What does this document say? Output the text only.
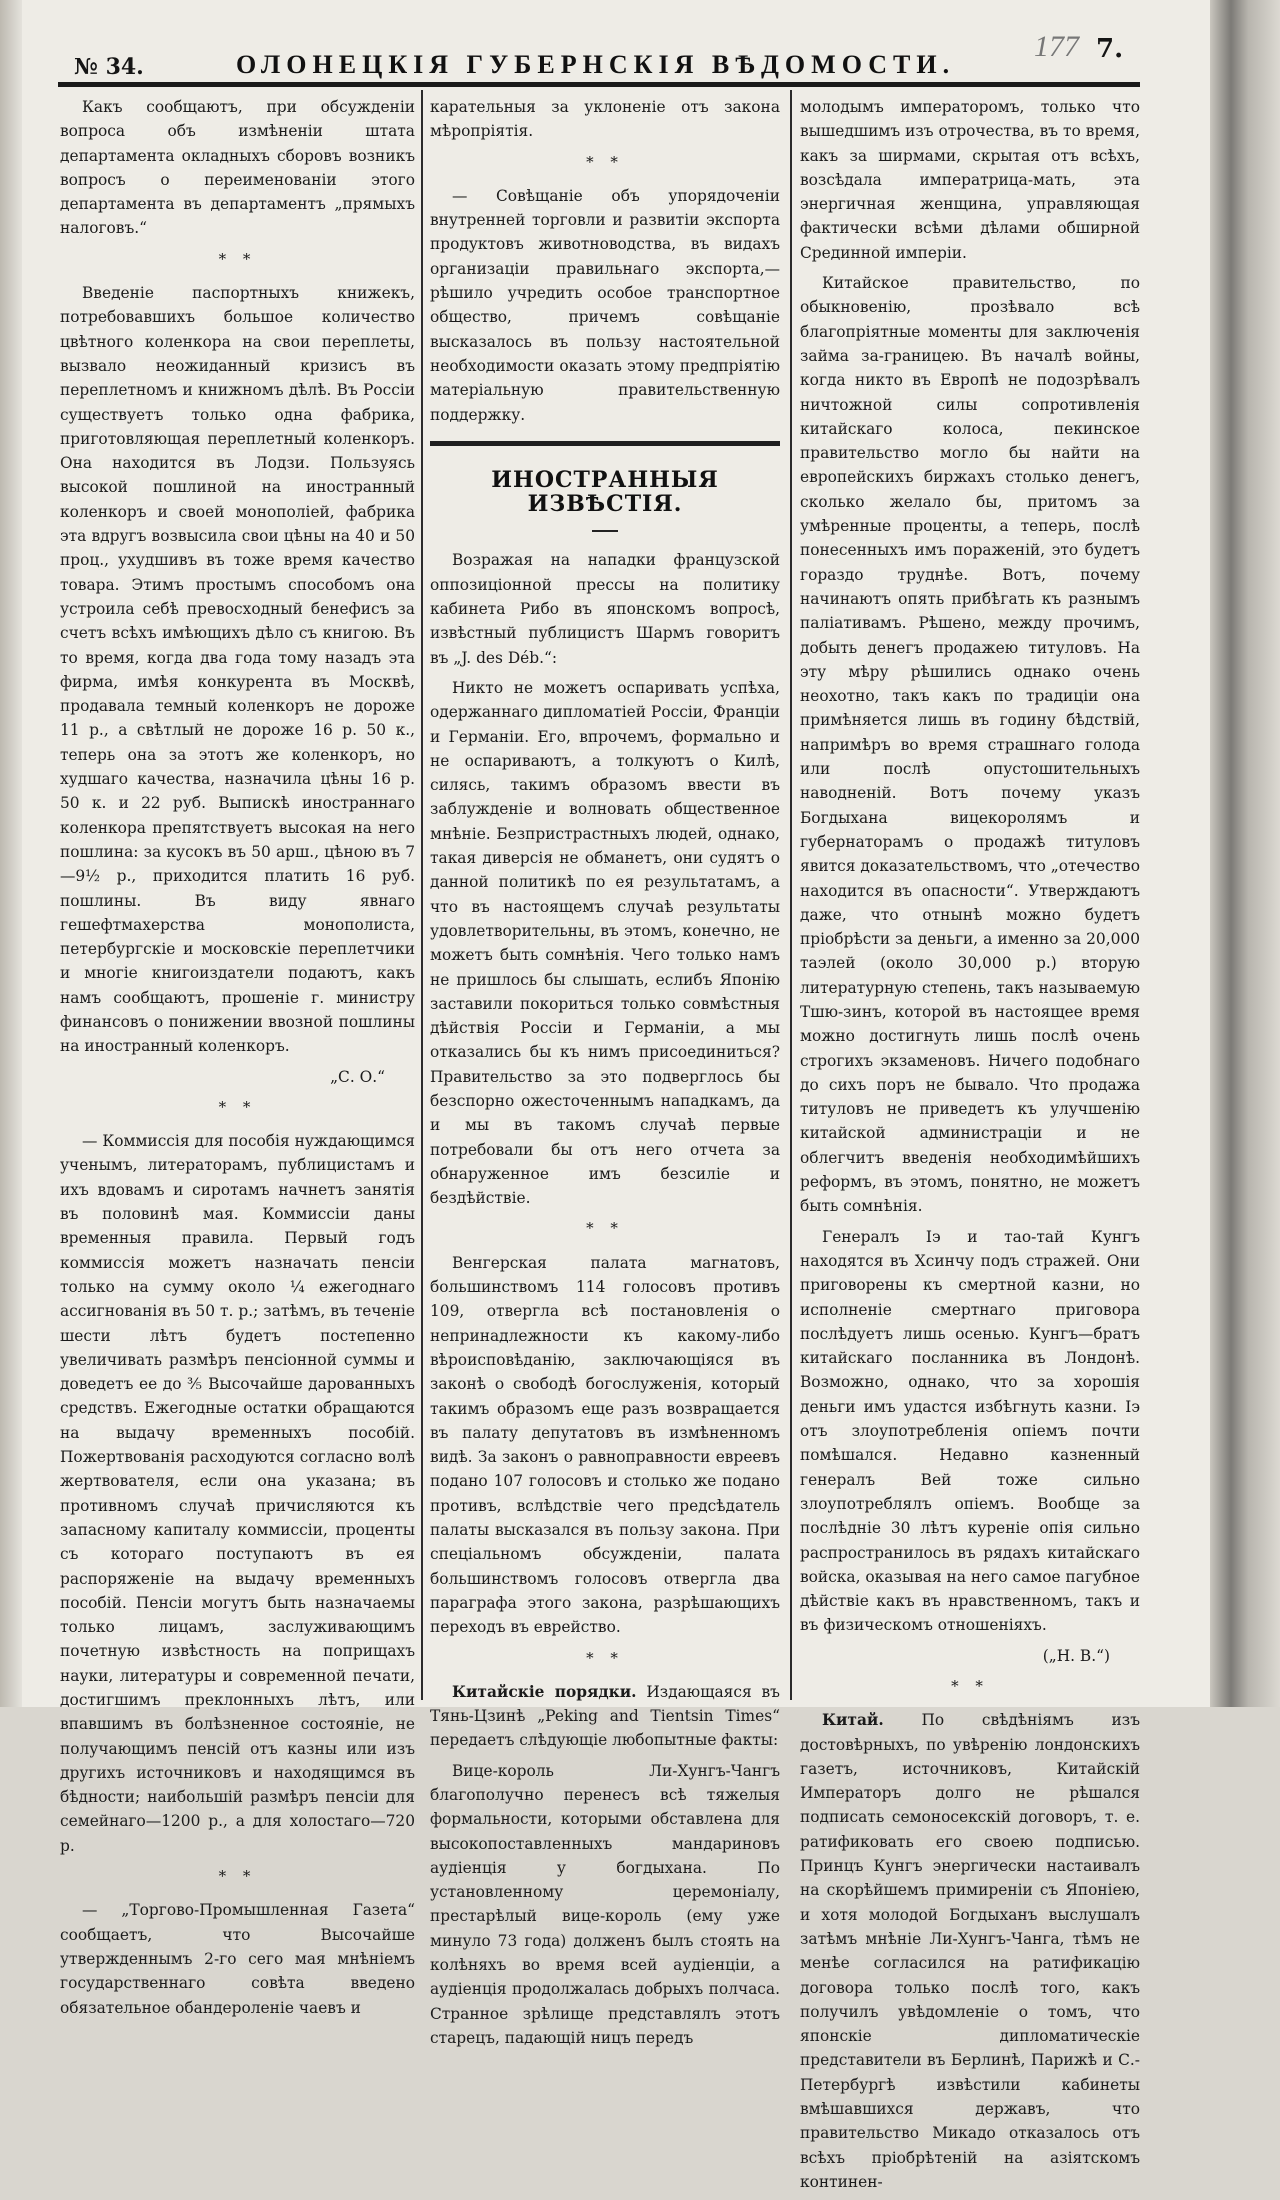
№ 34.	ОЛОНЕЦКІЯ ГУБЕРНСКІЯ ВѢДОМОСТИ.
177 7.

Какъ сообщаютъ, при обсужденіи вопроса объ измѣненіи штата департамента окладныхъ сборовъ возникъ вопросъ о переименованіи этого департамента въ департаментъ „прямыхъ налоговъ.“

* *

Введеніе паспортныхъ книжекъ, потребовавшихъ большое количество цвѣтного коленкора на свои переплеты, вызвало неожиданный кризисъ въ переплетномъ и книжномъ дѣлѣ. Въ Россіи существуетъ только одна фабрика, приготовляющая переплетный коленкоръ. Она находится въ Лодзи. Пользуясь высокой пошлиной на иностранный коленкоръ и своей монополіей, фабрика эта вдругъ возвысила свои цѣны на 40 и 50 проц., ухудшивъ въ тоже время качество товара. Этимъ простымъ способомъ она устроила себѣ превосходный бенефисъ за счетъ всѣхъ имѣющихъ дѣло съ книгою. Въ то время, когда два года тому назадъ эта фирма, имѣя конкурента въ Москвѣ, продавала темный коленкоръ не дороже 11 р., а свѣтлый не дороже 16 р. 50 к., теперь она за этотъ же коленкоръ, но худшаго качества, назначила цѣны 16 р. 50 к. и 22 руб. Выпискѣ иностраннаго коленкора препятствуетъ высокая на него пошлина: за кусокъ въ 50 арш., цѣною въ 7—9½ р., приходится платить 16 руб. пошлины. Въ виду явнаго гешефтмахерства монополиста, петербургскіе и московскіе переплетчики и многіе книгоиздатели подаютъ, какъ намъ сообщаютъ, прошеніе г. министру финансовъ о понижении ввозной пошлины на иностранный коленкоръ.

„С. О.“
* *

— Коммиссія для пособія нуждающимся ученымъ, литераторамъ, публицистамъ и ихъ вдовамъ и сиротамъ начнетъ занятія въ половинѣ мая. Коммиссіи даны временныя правила. Первый годъ коммиссія можетъ назначать пенсіи только на сумму около ¼ ежегоднаго ассигнованія въ 50 т. р.; затѣмъ, въ теченіе шести лѣтъ будетъ постепенно увеличивать размѣръ пенсіонной суммы и доведетъ ее до ⅗ Высочайше дарованныхъ средствъ. Ежегодные остатки обращаются на выдачу временныхъ пособій. Пожертвованія расходуются согласно волѣ жертвователя, если она указана; въ противномъ случаѣ причисляются къ запасному капиталу коммиссіи, проценты съ котораго поступаютъ въ ея распоряженіе на выдачу временныхъ пособій. Пенсіи могутъ быть назначаемы только лицамъ, заслуживающимъ почетную извѣстность на поприщахъ науки, литературы и современной печати, достигшимъ преклонныхъ лѣтъ, или впавшимъ въ болѣзненное состояніе, не получающимъ пенсій отъ казны или изъ другихъ источниковъ и находящимся въ бѣдности; наибольшій размѣръ пенсіи для семейнаго—1200 р., а для холостаго—720 р.

* *

— „Торгово-Промышленная Газета“ сообщаетъ, что Высочайше утвержденнымъ 2-го сего мая мнѣніемъ государственнаго совѣта введено обязательное обандероленіе чаевъ и

карательныя за уклоненіе отъ закона мѣропріятія.

* *

— Совѣщаніе объ упорядоченіи внутренней торговли и развитіи экспорта продуктовъ животноводства, въ видахъ организаціи правильнаго экспорта,—рѣшило учредить особое транспортное общество, причемъ совѣщаніе высказалось въ пользу настоятельной необходимости оказать этому предпріятію матеріальную правительственную поддержку.

ИНОСТРАННЫЯ ИЗВѢСТІЯ.

Возражая на нападки французской оппозиціонной прессы на политику кабинета Рибо въ японскомъ вопросѣ, извѣстный публицистъ Шармъ говоритъ въ „J. des Déb.“:

Никто не можетъ оспаривать успѣха, одержаннаго дипломатіей Россіи, Франціи и Германіи. Его, впрочемъ, формально и не оспариваютъ, а толкуютъ о Килѣ, силясь, такимъ образомъ ввести въ заблужденіе и волновать общественное мнѣніе. Безпристрастныхъ людей, однако, такая диверсія не обманетъ, они судятъ о данной политикѣ по ея результатамъ, а что въ настоящемъ случаѣ результаты удовлетворительны, въ этомъ, конечно, не можетъ быть сомнѣнія. Чего только намъ не пришлось бы слышать, еслибъ Японію заставили покориться только совмѣстныя дѣйствія Россіи и Германіи, а мы отказались бы къ нимъ присоединиться? Правительство за это подверглось бы безспорно ожесточеннымъ нападкамъ, да и мы въ такомъ случаѣ первые потребовали бы отъ него отчета за обнаруженное имъ безсиліе и бездѣйствіе.

* *

Венгерская палата магнатовъ, большинствомъ 114 голосовъ противъ 109, отвергла всѣ постановленія о непринадлежности къ какому-либо вѣроисповѣданію, заключающіяся въ законѣ о свободѣ богослуженія, который такимъ образомъ еще разъ возвращается въ палату депутатовъ въ измѣненномъ видѣ. За законъ о равноправности евреевъ подано 107 голосовъ и столько же подано противъ, вслѣдствіе чего предсѣдатель палаты высказался въ пользу закона. При спеціальномъ обсужденіи, палата большинствомъ голосовъ отвергла два параграфа этого закона, разрѣшающихъ переходъ въ еврейство.

* *

Китайскіе порядки. Издающаяся въ Тянь-Цзинѣ „Peking and Tientsin Times“ передаетъ слѣдующіе любопытные факты:

Вице-король Ли-Хунгъ-Чангъ благополучно перенесъ всѣ тяжелыя формальности, которыми обставлена для высокопоставленныхъ мандариновъ аудіенція у богдыхана. По установленному церемоніалу, престарѣлый вице-король (ему уже минуло 73 года) долженъ былъ стоять на колѣняхъ во время всей аудіенціи, а аудіенція продолжалась добрыхъ полчаса. Странное зрѣлище представлялъ этотъ старецъ, падающій ницъ передъ

молодымъ императоромъ, только что вышедшимъ изъ отрочества, въ то время, какъ за ширмами, скрытая отъ всѣхъ, возсѣдала императрица-мать, эта энергичная женщина, управляющая фактически всѣми дѣлами обширной Срединной имперіи.

Китайское правительство, по обыкновенію, прозѣвало всѣ благопріятные моменты для заключенія займа за-границею. Въ началѣ войны, когда никто въ Европѣ не подозрѣвалъ ничтожной силы сопротивленія китайскаго колоса, пекинское правительство могло бы найти на европейскихъ биржахъ столько денегъ, сколько желало бы, притомъ за умѣренные проценты, а теперь, послѣ понесенныхъ имъ пораженій, это будетъ гораздо труднѣе. Вотъ, почему начинаютъ опять прибѣгать къ разнымъ паліативамъ. Рѣшено, между прочимъ, добыть денегъ продажею титуловъ. На эту мѣру рѣшились однако очень неохотно, такъ какъ по традиціи она примѣняется лишь въ годину бѣдствій, напримѣръ во время страшнаго голода или послѣ опустошительныхъ наводненій. Вотъ почему указъ Богдыхана вицекоролямъ и губернаторамъ о продажѣ титуловъ явится доказательствомъ, что „отечество находится въ опасности“. Утверждаютъ даже, что отнынѣ можно будетъ пріобрѣсти за деньги, а именно за 20,000 таэлей (около 30,000 р.) вторую литературную степень, такъ называемую Тшю-зинъ, которой въ настоящее время можно достигнуть лишь послѣ очень строгихъ экзаменовъ. Ничего подобнаго до сихъ поръ не бывало. Что продажа титуловъ не приведетъ къ улучшенію китайской администраціи и не облегчитъ введенія необходимѣйшихъ реформъ, въ этомъ, понятно, не можетъ быть сомнѣнія.

Генералъ Іэ и тао-тай Кунгъ находятся въ Хсинчу подъ стражей. Они приговорены къ смертной казни, но исполненіе смертнаго приговора послѣдуетъ лишь осенью. Кунгъ—братъ китайскаго посланника въ Лондонѣ. Возможно, однако, что за хорошія деньги имъ удастся избѣгнуть казни. Іэ отъ злоупотребленія опіемъ почти помѣшался. Недавно казненный генералъ Вей тоже сильно злоупотреблялъ опіемъ. Вообще за послѣдніе 30 лѣтъ куреніе опія сильно распространилось въ рядахъ китайскаго войска, оказывая на него самое пагубное дѣйствіе какъ въ нравственномъ, такъ и въ физическомъ отношеніяхъ.

(„Н. В.“)
* *

Китай. По свѣдѣніямъ изъ достовѣрныхъ, по увѣренію лондонскихъ газетъ, источниковъ, Китайскій Императоръ долго не рѣшался подписать семоносекскій договоръ, т. е. ратификовать его своею подписью. Принцъ Кунгъ энергически настаивалъ на скорѣйшемъ примиреніи съ Японіею, и хотя молодой Богдыханъ выслушалъ затѣмъ мнѣніе Ли-Хунгъ-Чанга, тѣмъ не менѣе согласился на ратификацію договора только послѣ того, какъ получилъ увѣдомленіе о томъ, что японскіе дипломатическіе представители въ Берлинѣ, Парижѣ и С.-Петербургѣ извѣстили кабинеты вмѣшавшихся державъ, что правительство Микадо отказалось отъ всѣхъ пріобрѣтеній на азіятскомъ континен-
